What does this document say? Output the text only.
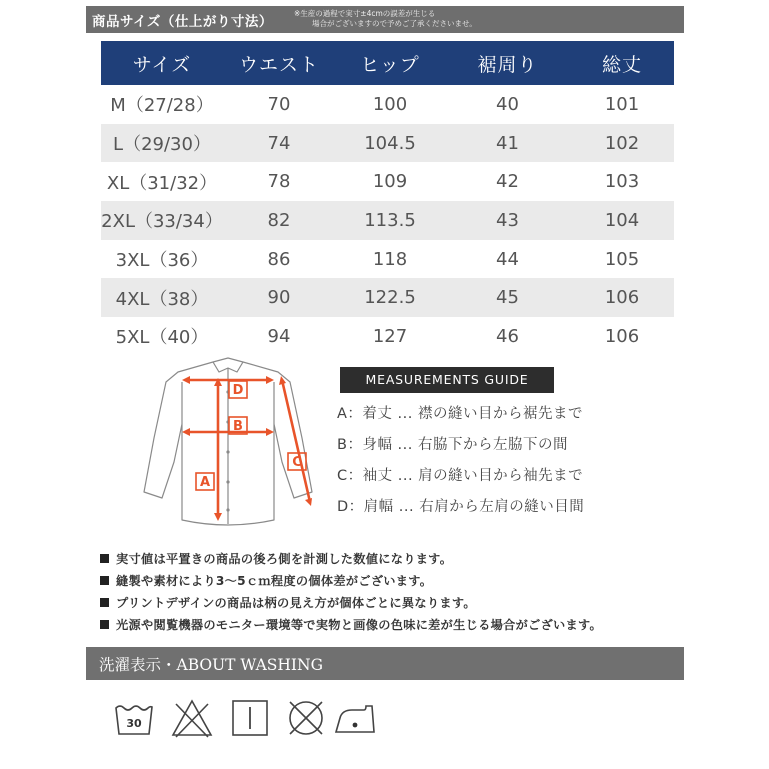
商品サイズ（仕上がり寸法）
※生産の過程で実寸±4cmの誤差が生じる
場合がございますので予めご了承くださいませ。
サイズ	ウエスト	ヒップ	裾周り	総丈
M（27/28）	70	100	40	101
L（29/30）	74	104.5	41	102
XL（31/32）	78	109	42	103
2XL（33/34）	82	113.5	43	104
3XL（36）	86	118	44	105
4XL（38）	90	122.5	45	106
5XL（40）	94	127	46	106
D
B
A
C
MEASUREMENTS GUIDE
A：着丈 ... 襟の縫い目から裾先まで
B：身幅 ... 右脇下から左脇下の間
C：袖丈 ... 肩の縫い目から袖先まで
D：肩幅 ... 右肩から左肩の縫い目間
実寸値は平置きの商品の後ろ側を計測した数値になります。
縫製や素材により3～5ｃｍ程度の個体差がございます。
プリントデザインの商品は柄の見え方が個体ごとに異なります。
光源や閲覧機器のモニター環境等で実物と画像の色味に差が生じる場合がございます。
洗濯表示・ABOUT WASHING
30
